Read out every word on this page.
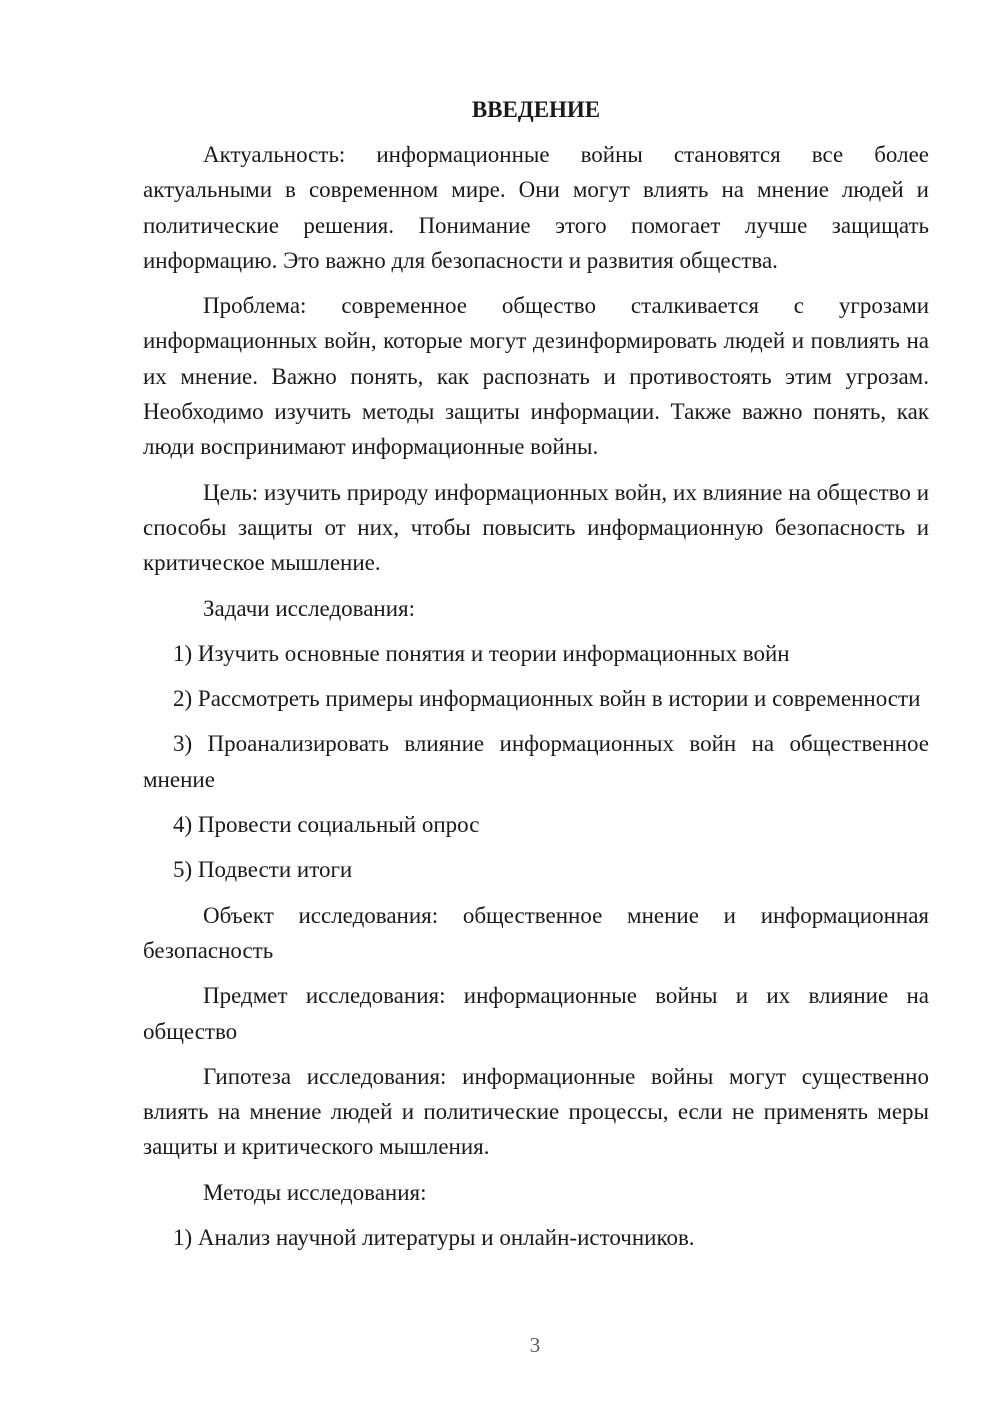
ВВЕДЕНИЕ

Актуальность: информационные войны становятся все более актуальными в современном мире. Они могут влиять на мнение людей и политические решения. Понимание этого помогает лучше защищать информацию. Это важно для безопасности и развития общества.

Проблема: современное общество сталкивается с угрозами информационных войн, которые могут дезинформировать людей и повлиять на их мнение. Важно понять, как распознать и противостоять этим угрозам. Необходимо изучить методы защиты информации. Также важно понять, как люди воспринимают информационные войны.

Цель: изучить природу информационных войн, их влияние на общество и способы защиты от них, чтобы повысить информационную безопасность и критическое мышление.

Задачи исследования:

1) Изучить основные понятия и теории информационных войн

2) Рассмотреть примеры информационных войн в истории и современности

3) Проанализировать влияние информационных войн на общественное мнение

4) Провести социальный опрос

5) Подвести итоги

Объект исследования: общественное мнение и информационная безопасность

Предмет исследования: информационные войны и их влияние на общество

Гипотеза исследования: информационные войны могут существенно влиять на мнение людей и политические процессы, если не применять меры защиты и критического мышления.

Методы исследования:

1) Анализ научной литературы и онлайн-источников.

3
